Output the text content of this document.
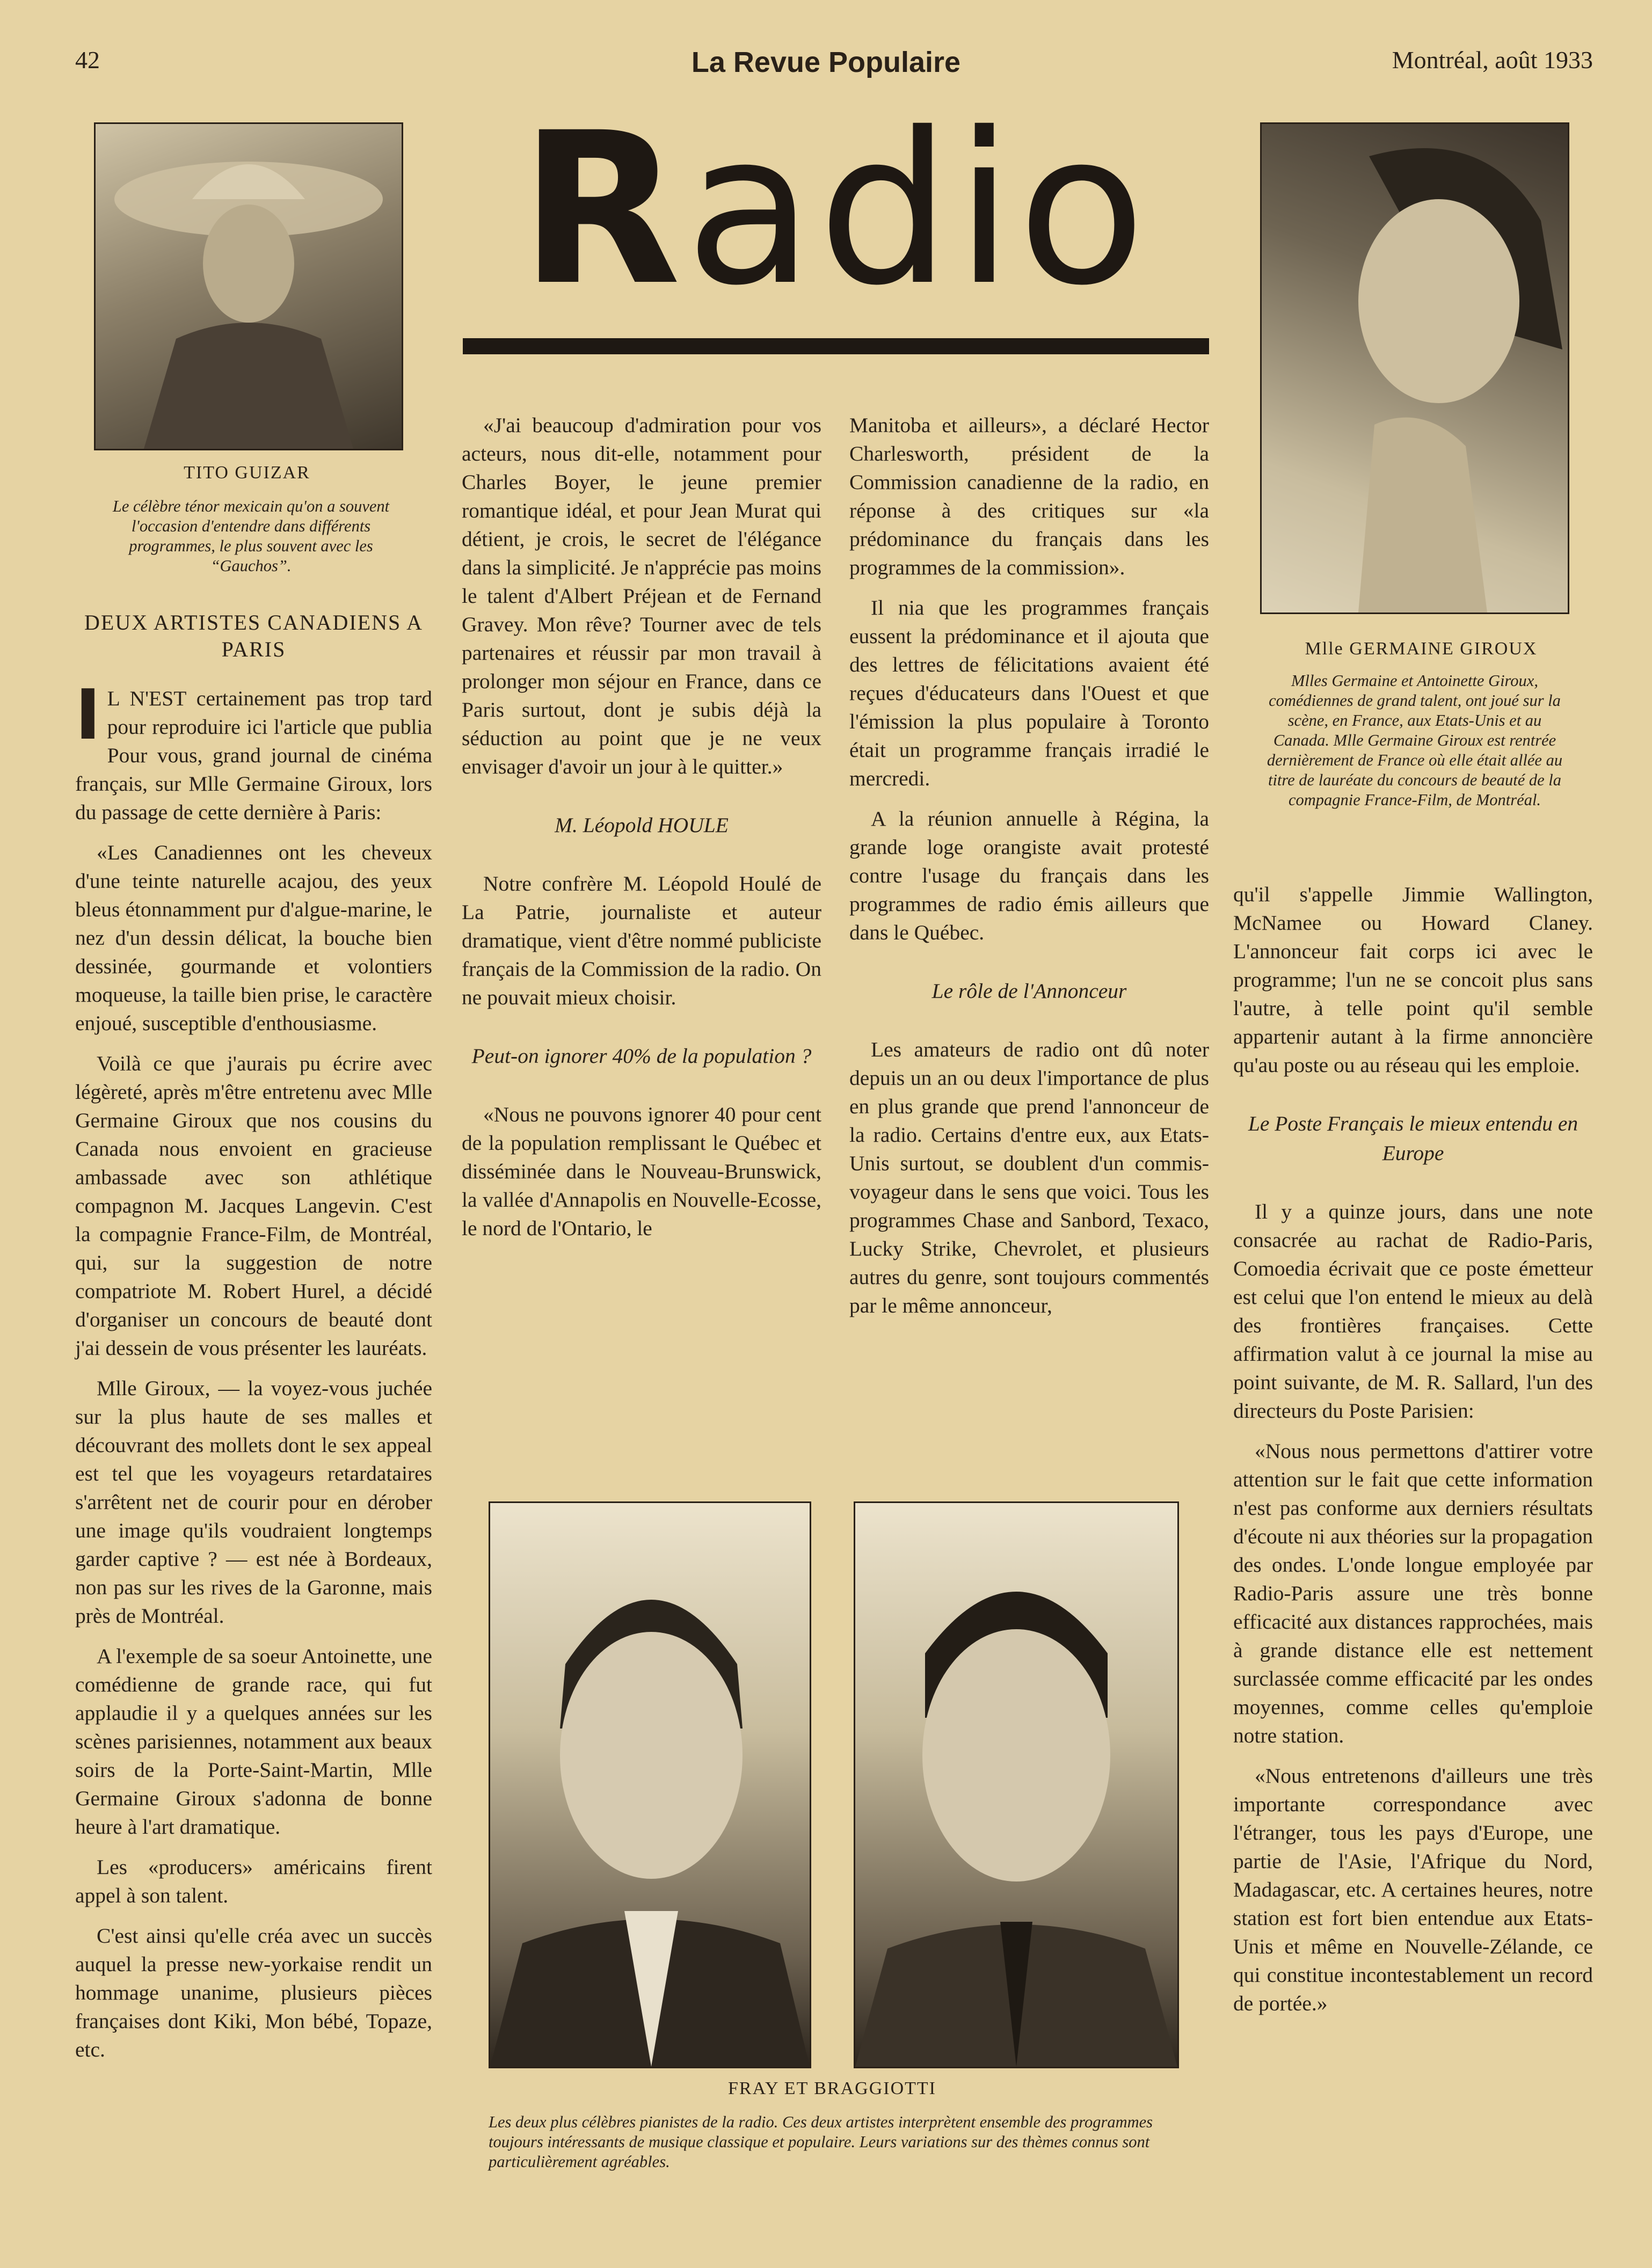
42	La Revue Populaire	Montréal, août 1933
Radio
TITO GUIZAR
Le célèbre ténor mexicain qu'on a souvent l'occasion d'entendre dans différents programmes, le plus souvent avec les “Gauchos”.
Mlle GERMAINE GIROUX
Mlles Germaine et Antoinette Giroux, comédiennes de grand talent, ont joué sur la scène, en France, aux Etats-Unis et au Canada. Mlle Germaine Giroux est rentrée dernièrement de France où elle était allée au titre de lauréate du concours de beauté de la compagnie France-Film, de Montréal.

DEUX ARTISTES CANADIENS A PARIS

I L N'EST certainement pas trop tard pour reproduire ici l'article que publia Pour vous, grand journal de cinéma français, sur Mlle Germaine Giroux, lors du passage de cette dernière à Paris:

«Les Canadiennes ont les cheveux d'une teinte naturelle acajou, des yeux bleus étonnamment pur d'algue-marine, le nez d'un dessin délicat, la bouche bien dessinée, gourmande et volontiers moqueuse, la taille bien prise, le caractère enjoué, susceptible d'enthousiasme.

Voilà ce que j'aurais pu écrire avec légèreté, après m'être entretenu avec Mlle Germaine Giroux que nos cousins du Canada nous envoient en gracieuse ambassade avec son athlétique compagnon M. Jacques Langevin. C'est la compagnie France-Film, de Montréal, qui, sur la suggestion de notre compatriote M. Robert Hurel, a décidé d'organiser un concours de beauté dont j'ai dessein de vous présenter les lauréats.

Mlle Giroux, — la voyez-vous juchée sur la plus haute de ses malles et découvrant des mollets dont le sex appeal est tel que les voyageurs retardataires s'arrêtent net de courir pour en dérober une image qu'ils voudraient longtemps garder captive ? — est née à Bordeaux, non pas sur les rives de la Garonne, mais près de Montréal.

A l'exemple de sa soeur Antoinette, une comédienne de grande race, qui fut applaudie il y a quelques années sur les scènes parisiennes, notamment aux beaux soirs de la Porte-Saint-Martin, Mlle Germaine Giroux s'adonna de bonne heure à l'art dramatique.

Les «producers» américains firent appel à son talent.

C'est ainsi qu'elle créa avec un succès auquel la presse new-yorkaise rendit un hommage unanime, plusieurs pièces françaises dont Kiki, Mon bébé, Topaze, etc.

«J'ai beaucoup d'admiration pour vos acteurs, nous dit-elle, notamment pour Charles Boyer, le jeune premier romantique idéal, et pour Jean Murat qui détient, je crois, le secret de l'élégance dans la simplicité. Je n'apprécie pas moins le talent d'Albert Préjean et de Fernand Gravey. Mon rêve? Tourner avec de tels partenaires et réussir par mon travail à prolonger mon séjour en France, dans ce Paris surtout, dont je subis déjà la séduction au point que je ne veux envisager d'avoir un jour à le quitter.»

M. Léopold HOULE

Notre confrère M. Léopold Houlé de La Patrie, journaliste et auteur dramatique, vient d'être nommé publiciste français de la Commission de la radio. On ne pouvait mieux choisir.

Peut-on ignorer 40% de la population ?

«Nous ne pouvons ignorer 40 pour cent de la population remplissant le Québec et disséminée dans le Nouveau-Brunswick, la vallée d'Annapolis en Nouvelle-Ecosse, le nord de l'Ontario, le

Manitoba et ailleurs», a déclaré Hector Charlesworth, président de la Commission canadienne de la radio, en réponse à des critiques sur «la prédominance du français dans les programmes de la commission».

Il nia que les programmes français eussent la prédominance et il ajouta que des lettres de félicitations avaient été reçues d'éducateurs dans l'Ouest et que l'émission la plus populaire à Toronto était un programme français irradié le mercredi.

A la réunion annuelle à Régina, la grande loge orangiste avait protesté contre l'usage du français dans les programmes de radio émis ailleurs que dans le Québec.

Le rôle de l'Annonceur

Les amateurs de radio ont dû noter depuis un an ou deux l'importance de plus en plus grande que prend l'annonceur de la radio. Certains d'entre eux, aux Etats-Unis surtout, se doublent d'un commis-voyageur dans le sens que voici. Tous les programmes Chase and Sanbord, Texaco, Lucky Strike, Chevrolet, et plusieurs autres du genre, sont toujours commentés par le même annonceur,

qu'il s'appelle Jimmie Wallington, McNamee ou Howard Claney. L'annonceur fait corps ici avec le programme; l'un ne se concoit plus sans l'autre, à telle point qu'il semble appartenir autant à la firme annoncière qu'au poste ou au réseau qui les emploie.

Le Poste Français le mieux entendu en Europe

Il y a quinze jours, dans une note consacrée au rachat de Radio-Paris, Comoedia écrivait que ce poste émetteur est celui que l'on entend le mieux au delà des frontières françaises. Cette affirmation valut à ce journal la mise au point suivante, de M. R. Sallard, l'un des directeurs du Poste Parisien:

«Nous nous permettons d'attirer votre attention sur le fait que cette information n'est pas conforme aux derniers résultats d'écoute ni aux théories sur la propagation des ondes. L'onde longue employée par Radio-Paris assure une très bonne efficacité aux distances rapprochées, mais à grande distance elle est nettement surclassée comme efficacité par les ondes moyennes, comme celles qu'emploie notre station.

«Nous entretenons d'ailleurs une très importante correspondance avec l'étranger, tous les pays d'Europe, une partie de l'Asie, l'Afrique du Nord, Madagascar, etc. A certaines heures, notre station est fort bien entendue aux Etats-Unis et même en Nouvelle-Zélande, ce qui constitue incontestablement un record de portée.»

FRAY ET BRAGGIOTTI
Les deux plus célèbres pianistes de la radio. Ces deux artistes interprètent ensemble des programmes toujours intéressants de musique classique et populaire. Leurs variations sur des thèmes connus sont particulièrement agréables.
